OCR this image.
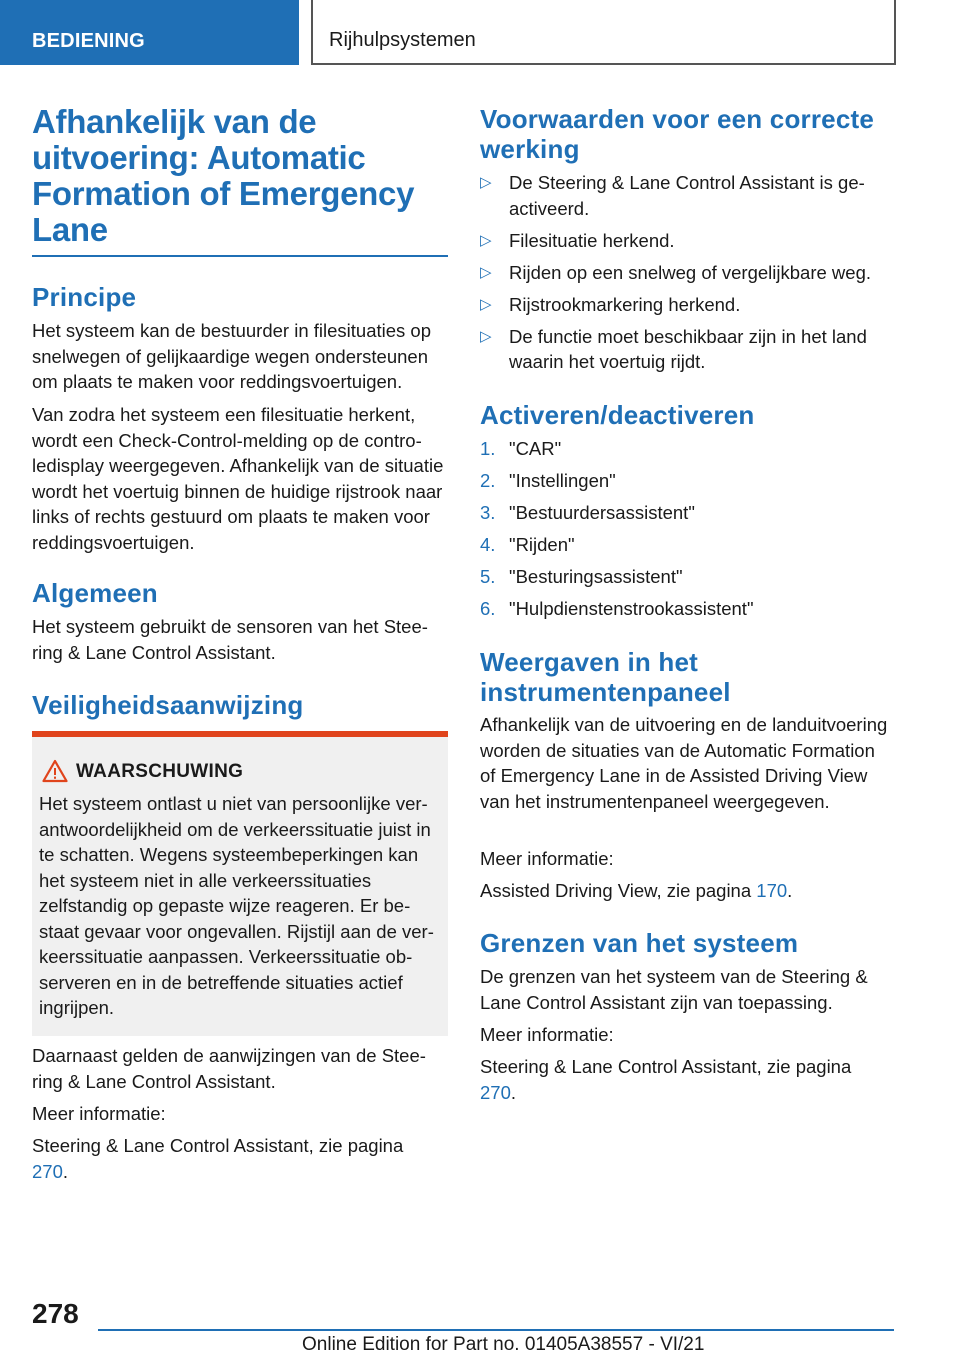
BEDIENING	Rijhulpsystemen
Afhankelijk van de uitvoering: Automatic Formation of Emergency Lane
Principe

Het systeem kan de bestuurder in filesituaties op snelwegen of gelijkaardige wegen ondersteunen om plaats te maken voor reddingsvoertuigen.

Van zodra het systeem een filesituatie herkent, wordt een Check-Control-melding op de controledisplay weergegeven. Afhankelijk van de situatie wordt het voertuig binnen de huidige rijstrook naar links of rechts gestuurd om plaats te maken voor reddingsvoertuigen.

Algemeen

Het systeem gebruikt de sensoren van het Steering & Lane Control Assistant.

Veiligheidsaanwijzing
WAARSCHUWING

Het systeem ontlast u niet van persoonlijke verantwoordelijkheid om de verkeerssituatie juist in te schatten. Wegens systeembeperkingen kan het systeem niet in alle verkeerssituaties zelfstandig op gepaste wijze reageren. Er bestaat gevaar voor ongevallen. Rijstijl aan de verkeerssituatie aanpassen. Verkeerssituatie observeren en in de betreffende situaties actief ingrijpen.

Daarnaast gelden de aanwijzingen van de Steering & Lane Control Assistant.

Meer informatie:

Steering & Lane Control Assistant, zie pagina 270.

Voorwaarden voor een correcte werking
▷ De Steering & Lane Control Assistant is geactiveerd.
▷ Filesituatie herkend.
▷ Rijden op een snelweg of vergelijkbare weg.
▷ Rijstrookmarkering herkend.
▷ De functie moet beschikbaar zijn in het land waarin het voertuig rijdt.
Activeren/deactiveren
1. "CAR"
2. "Instellingen"
3. "Bestuurdersassistent"
4. "Rijden"
5. "Besturingsassistent"
6. "Hulpdienstenstrookassistent"
Weergaven in het instrumentenpaneel

Afhankelijk van de uitvoering en de landuitvoering worden de situaties van de Automatic Formation of Emergency Lane in de Assisted Driving View van het instrumentenpaneel weergegeven.

Meer informatie:

Assisted Driving View, zie pagina 170.

Grenzen van het systeem

De grenzen van het systeem van de Steering & Lane Control Assistant zijn van toepassing.

Meer informatie:

Steering & Lane Control Assistant, zie pagina 270.

278
Online Edition for Part no. 01405A38557 - VI/21
